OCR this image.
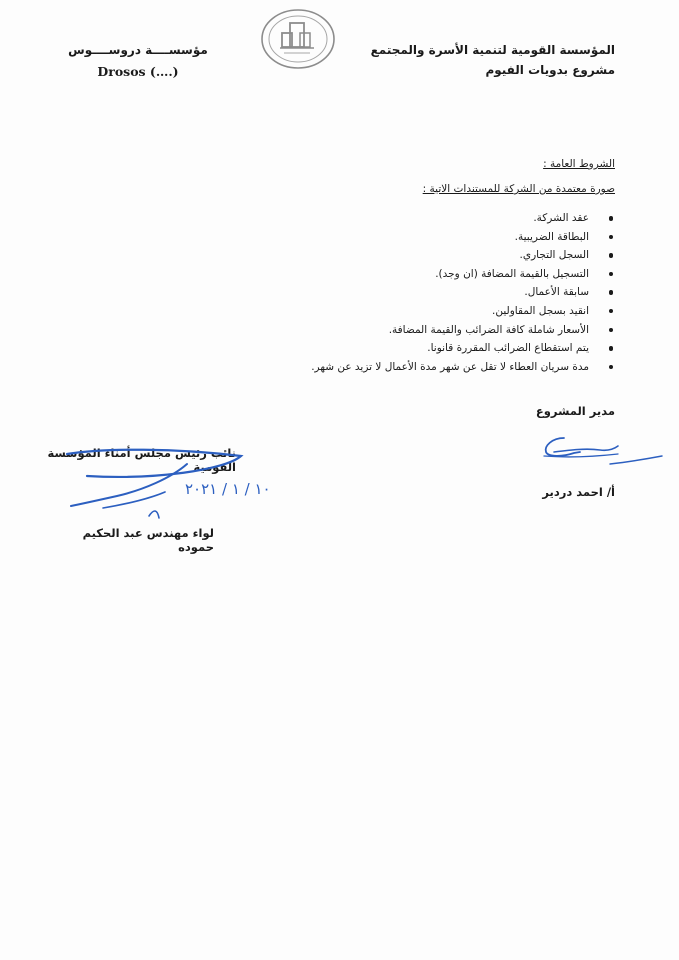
المؤسسة القومية لتنمية الأسرة والمجتمع
مشروع بدويات الفيوم
مؤسســــة دروســــوس
Drosos (….)
الشروط العامة :
صورة معتمدة من الشركة للمستندات الاتية :
عقد الشركة.
البطاقة الضريبية.
السجل التجاري.
التسجيل بالقيمة المضافة (ان وجد).
سابقة الأعمال.
انقيد بسجل المقاولين.
الأسعار شاملة كافة الضرائب والقيمة المضافة.
يتم استقطاع الضرائب المقررة قانونا.
مدة سريان العطاء لا تقل عن شهر مدة الأعمال لا تزيد عن شهر.
مدير المشروع
أ/ احمد دردير
نائب رئيس مجلس أمناء المؤسسة القومية
١٠ / ١ / ٢٠٢١
لواء مهندس عبد الحكيم حموده
